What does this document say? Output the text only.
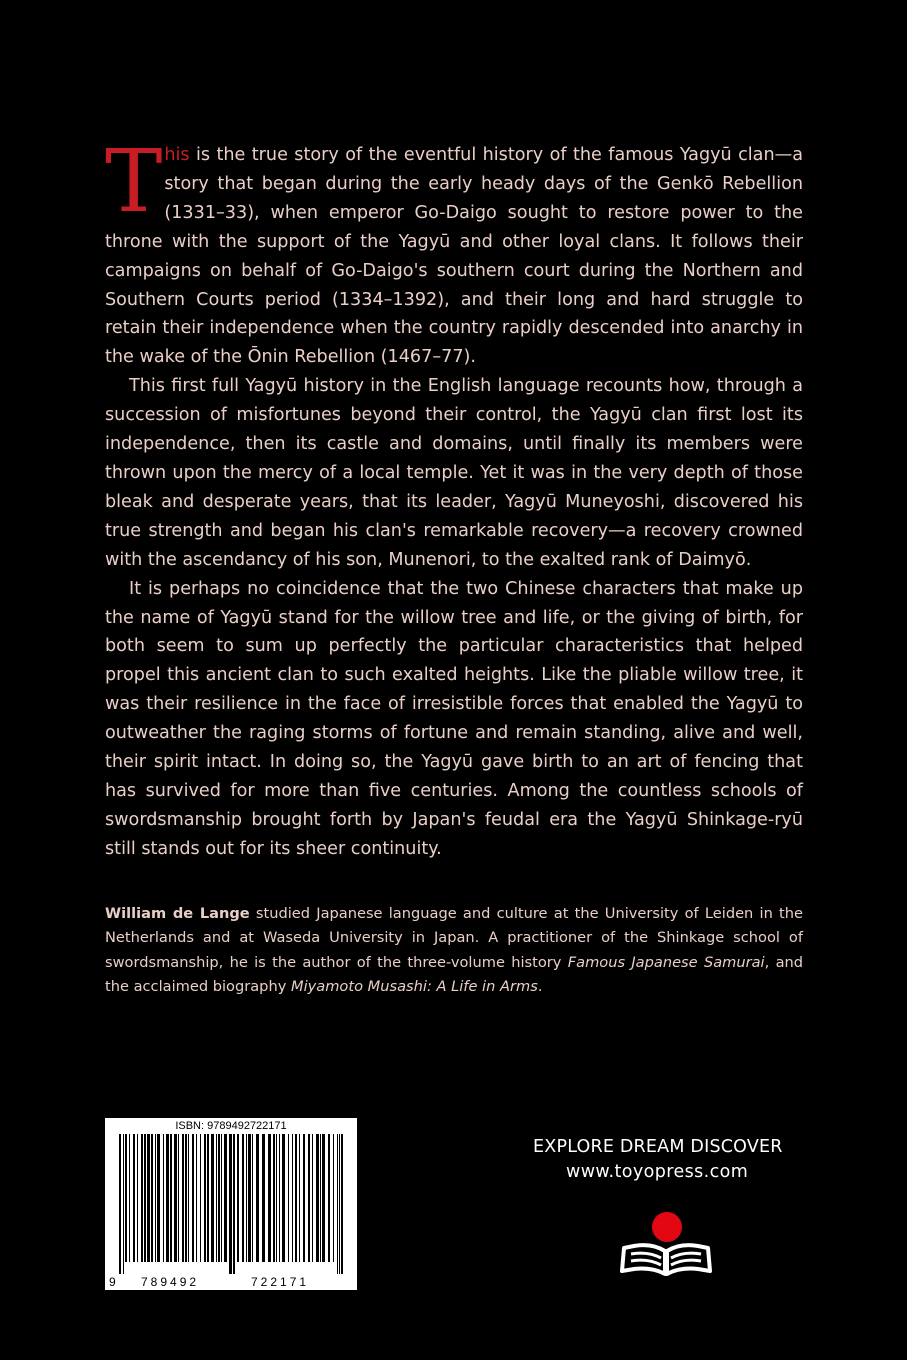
This is the true story of the eventful history of the famous Yagyū clan—a story that began during the early heady days of the Genkō Rebellion (1331–33), when emperor Go-Daigo sought to restore power to the throne with the support of the Yagyū and other loyal clans. It follows their campaigns on behalf of Go-Daigo's southern court during the Northern and Southern Courts period (1334–1392), and their long and hard struggle to retain their independence when the country rapidly descended into anarchy in the wake of the Ōnin Rebellion (1467–77).

This first full Yagyū history in the English language recounts how, through a succession of misfortunes beyond their control, the Yagyū clan first lost its independence, then its castle and domains, until finally its members were thrown upon the mercy of a local temple. Yet it was in the very depth of those bleak and desperate years, that its leader, Yagyū Muneyoshi, discovered his true strength and began his clan's remarkable recovery—a recovery crowned with the ascendancy of his son, Munenori, to the exalted rank of Daimyō.

It is perhaps no coincidence that the two Chinese characters that make up the name of Yagyū stand for the willow tree and life, or the giving of birth, for both seem to sum up perfectly the particular characteristics that helped propel this ancient clan to such exalted heights. Like the pliable willow tree, it was their resilience in the face of irresistible forces that enabled the Yagyū to outweather the raging storms of fortune and remain standing, alive and well, their spirit intact. In doing so, the Yagyū gave birth to an art of fencing that has survived for more than five centuries. Among the countless schools of swordsmanship brought forth by Japan's feudal era the Yagyū Shinkage-ryū still stands out for its sheer continuity.

William de Lange studied Japanese language and culture at the University of Leiden in the Netherlands and at Waseda University in Japan. A practitioner of the Shinkage school of swordsmanship, he is the author of the three-volume history Famous Japanese Samurai, and the acclaimed biography Miyamoto Musashi: A Life in Arms.

ISBN: 9789492722171
9 789492	722171
EXPLORE DREAM DISCOVER
www.toyopress.com
